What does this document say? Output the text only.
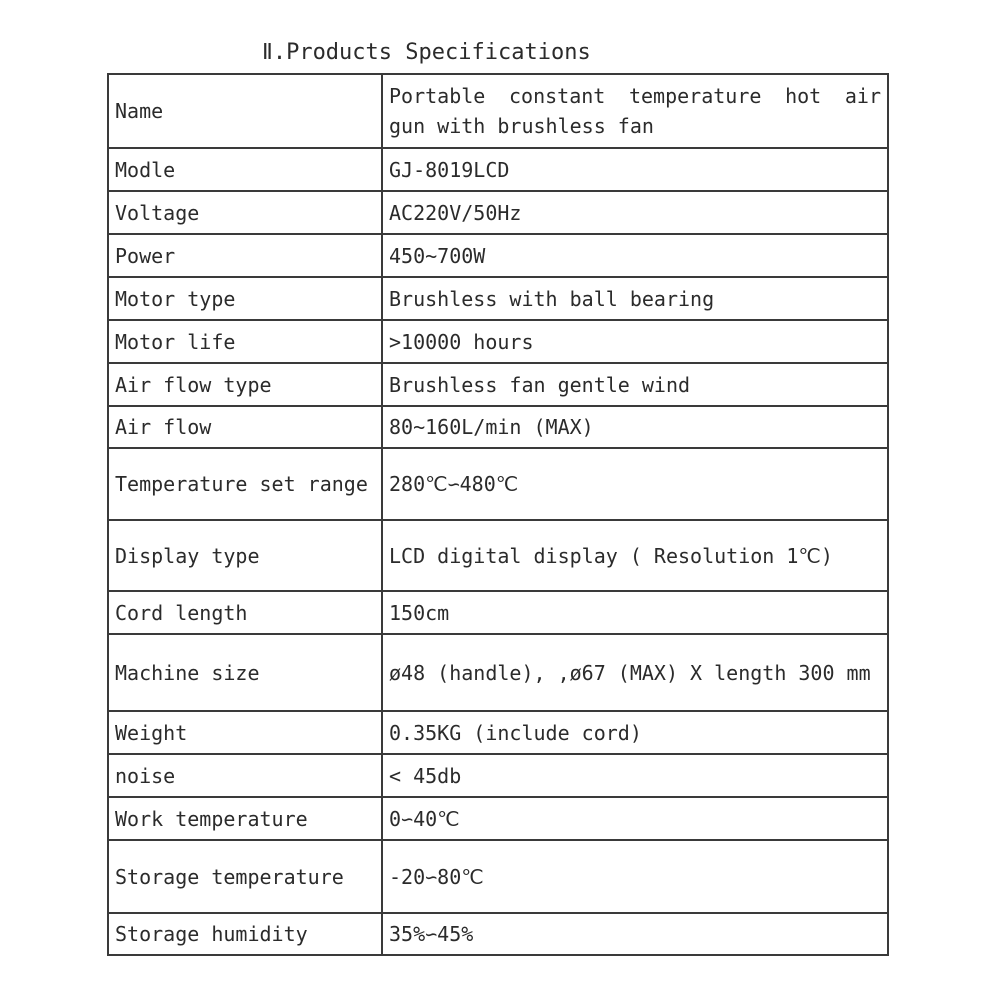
Ⅱ.Products Specifications
Name	Portable constant temperature hot air gun with brushless fan
Modle	GJ-8019LCD
Voltage	AC220V/50Hz
Power	450~700W
Motor type	Brushless with ball bearing
Motor life	>10000 hours
Air flow type	Brushless fan gentle wind
Air flow	80~160L/min (MAX)
Temperature set range	280℃∽480℃
Display type	LCD digital display ( Resolution 1℃)
Cord length	150cm
Machine size	ø48 (handle), ,ø67 (MAX) X length 300 mm
Weight	0.35KG (include cord)
noise	< 45db
Work temperature	0∽40℃
Storage temperature	-20∽80℃
Storage humidity	35%∽45%
